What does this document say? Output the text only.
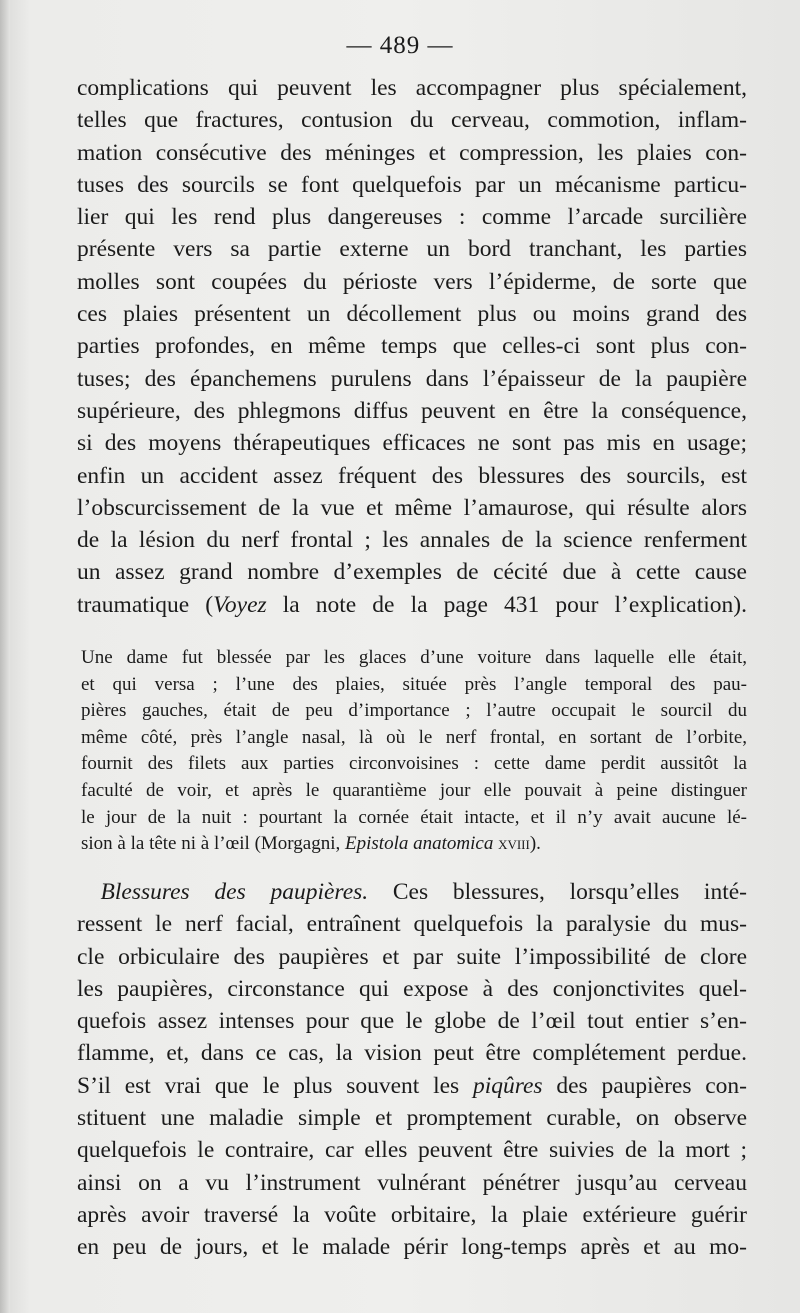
— 489 —
complications qui peuvent les accompagner plus spécialement,
telles que fractures, contusion du cerveau, commotion, inflam-
mation consécutive des méninges et compression, les plaies con-
tuses des sourcils se font quelquefois par un mécanisme particu-
lier qui les rend plus dangereuses : comme l’arcade surcilière
présente vers sa partie externe un bord tranchant, les parties
molles sont coupées du périoste vers l’épiderme, de sorte que
ces plaies présentent un décollement plus ou moins grand des
parties profondes, en même temps que celles-ci sont plus con-
tuses; des épanchemens purulens dans l’épaisseur de la paupière
supérieure, des phlegmons diffus peuvent en être la conséquence,
si des moyens thérapeutiques efficaces ne sont pas mis en usage;
enfin un accident assez fréquent des blessures des sourcils, est
l’obscurcissement de la vue et même l’amaurose, qui résulte alors
de la lésion du nerf frontal ; les annales de la science renferment
un assez grand nombre d’exemples de cécité due à cette cause
traumatique (Voyez la note de la page 431 pour l’explication).
Une dame fut blessée par les glaces d’une voiture dans laquelle elle était,
et qui versa ; l’une des plaies, située près l’angle temporal des pau-
pières gauches, était de peu d’importance ; l’autre occupait le sourcil du
même côté, près l’angle nasal, là où le nerf frontal, en sortant de l’orbite,
fournit des filets aux parties circonvoisines : cette dame perdit aussitôt la
faculté de voir, et après le quarantième jour elle pouvait à peine distinguer
le jour de la nuit : pourtant la cornée était intacte, et il n’y avait aucune lé-
sion à la tête ni à l’œil (Morgagni, Epistola anatomica xviii).
 Blessures des paupières. Ces blessures, lorsqu’elles inté-
ressent le nerf facial, entraînent quelquefois la paralysie du mus-
cle orbiculaire des paupières et par suite l’impossibilité de clore
les paupières, circonstance qui expose à des conjonctivites quel-
quefois assez intenses pour que le globe de l’œil tout entier s’en-
flamme, et, dans ce cas, la vision peut être complétement perdue.
S’il est vrai que le plus souvent les piqûres des paupières con-
stituent une maladie simple et promptement curable, on observe
quelquefois le contraire, car elles peuvent être suivies de la mort ;
ainsi on a vu l’instrument vulnérant pénétrer jusqu’au cerveau
après avoir traversé la voûte orbitaire, la plaie extérieure guérir
en peu de jours, et le malade périr long-temps après et au mo-
